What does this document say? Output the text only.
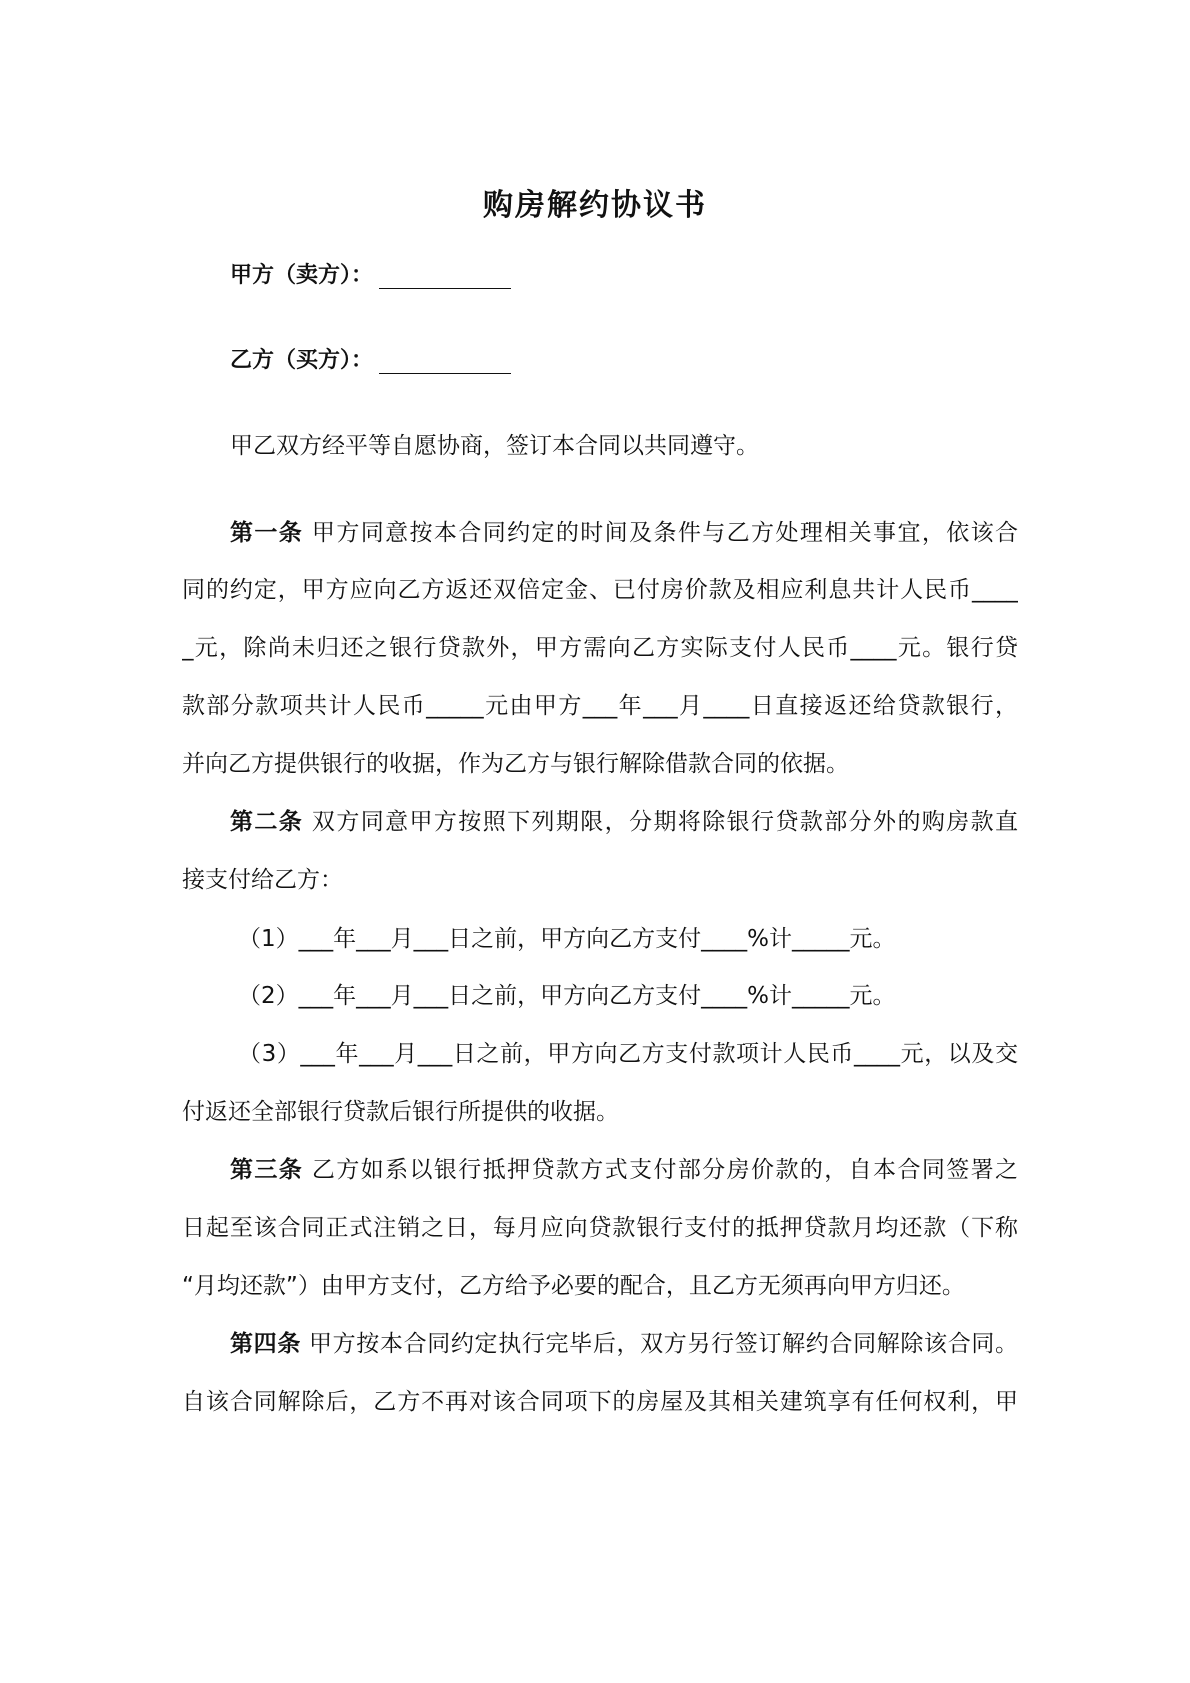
购房解约协议书
甲方（卖方）：
乙方（买方）：
甲乙双方经平等自愿协商，签订本合同以共同遵守。
第一条 甲方同意按本合同约定的时间及条件与乙方处理相关事宜，依该合
同的约定，甲方应向乙方返还双倍定金、已付房价款及相应利息共计人民币____
_元，除尚未归还之银行贷款外，甲方需向乙方实际支付人民币____元。银行贷
款部分款项共计人民币_____元由甲方___年___月____日直接返还给贷款银行，
并向乙方提供银行的收据，作为乙方与银行解除借款合同的依据。
第二条 双方同意甲方按照下列期限，分期将除银行贷款部分外的购房款直
接支付给乙方：
（1）___年___月___日之前，甲方向乙方支付____%计_____元。
（2）___年___月___日之前，甲方向乙方支付____%计_____元。
（3）___年___月___日之前，甲方向乙方支付款项计人民币____元，以及交
付返还全部银行贷款后银行所提供的收据。
第三条 乙方如系以银行抵押贷款方式支付部分房价款的，自本合同签署之
日起至该合同正式注销之日，每月应向贷款银行支付的抵押贷款月均还款（下称
“月均还款”）由甲方支付，乙方给予必要的配合，且乙方无须再向甲方归还。
第四条 甲方按本合同约定执行完毕后，双方另行签订解约合同解除该合同。
自该合同解除后，乙方不再对该合同项下的房屋及其相关建筑享有任何权利，甲
